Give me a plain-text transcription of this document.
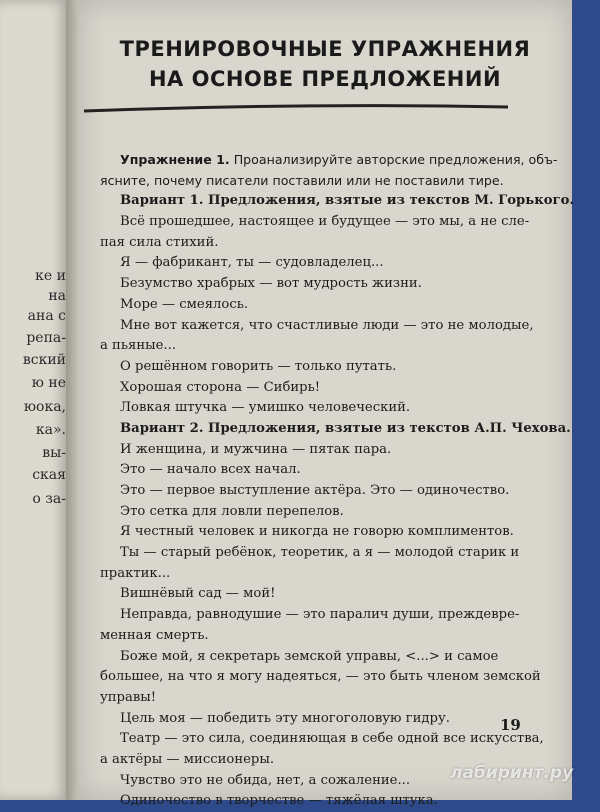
ке и
на
ана с
репа-
вский
ю не
юока,
ка».
вы-
ская
о за-
ТРЕНИРОВОЧНЫЕ УПРАЖНЕНИЯ
НА ОСНОВЕ ПРЕДЛОЖЕНИЙ
Упражнение 1. Проанализируйте авторские предложения, объ-
ясните, почему писатели поставили или не поставили тире.
Вариант 1. Предложения, взятые из текстов М. Горького.
Всё прошедшее, настоящее и будущее — это мы, а не сле-
пая сила стихий.
Я — фабрикант, ты — судовладелец...
Безумство храбрых — вот мудрость жизни.
Море — смеялось.
Мне вот кажется, что счастливые люди — это не молодые,
а пьяные...
О решённом говорить — только путать.
Хорошая сторона — Сибирь!
Ловкая штучка — умишко человеческий.
Вариант 2. Предложения, взятые из текстов А.П. Чехова.
И женщина, и мужчина — пятак пара.
Это — начало всех начал.
Это — первое выступление актёра. Это — одиночество.
Это сетка для ловли перепелов.
Я честный человек и никогда не говорю комплиментов.
Ты — старый ребёнок, теоретик, а я — молодой старик и
практик...
Вишнёвый сад — мой!
Неправда, равнодушие — это паралич души, преждевре-
менная смерть.
Боже мой, я секретарь земской управы, <...> и самое
большее, на что я могу надеяться, — это быть членом земской
управы!
Цель моя — победить эту многоголовую гидру.
Театр — это сила, соединяющая в себе одной все искусства,
а актёры — миссионеры.
Чувство это не обида, нет, а сожаление...
Одиночество в творчестве — тяжёлая штука.
19
лабиринт.ру
